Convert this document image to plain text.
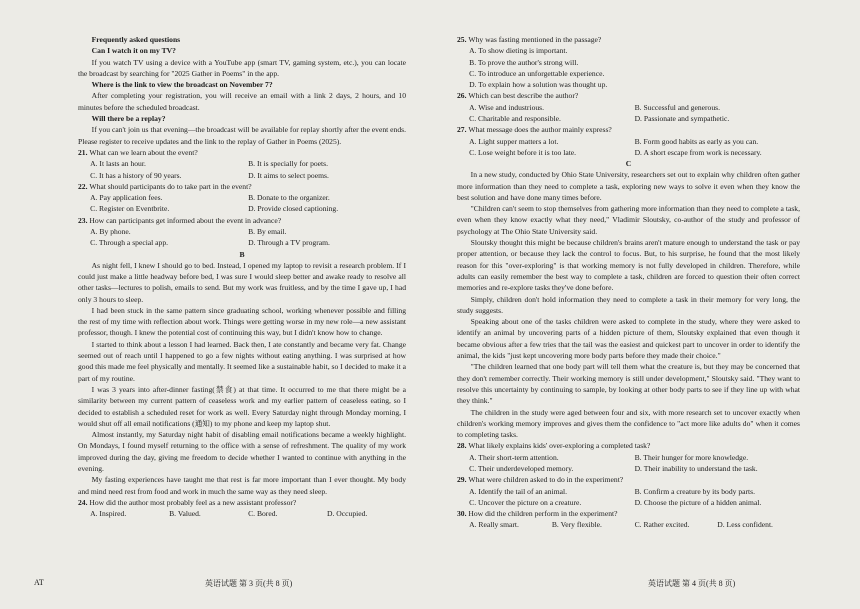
Frequently asked questions

Can I watch it on my TV?

If you watch TV using a device with a YouTube app (smart TV, gaming system, etc.), you can locate the broadcast by searching for "2025 Gather in Poems" in the app.

Where is the link to view the broadcast on November 7?

After completing your registration, you will receive an email with a link 2 days, 2 hours, and 10 minutes before the scheduled broadcast.

Will there be a replay?

If you can't join us that evening—the broadcast will be available for replay shortly after the event ends. Please register to receive updates and the link to the replay of Gather in Poems (2025).

21. What can we learn about the event?
A. It lasts an hour.	B. It is specially for poets.
C. It has a history of 90 years.	D. It aims to select poems.
22. What should participants do to take part in the event?
A. Pay application fees.	B. Donate to the organizer.
C. Register on Eventbrite.	D. Provide closed captioning.
23. How can participants get informed about the event in advance?
A. By phone.	B. By email.
C. Through a special app.	D. Through a TV program.
B

As night fell, I knew I should go to bed. Instead, I opened my laptop to revisit a research problem. If I could just make a little headway before bed, I was sure I would sleep better and awake ready to resolve all other tasks—lectures to polish, emails to send. But my work was fruitless, and by the time I gave up, I had only 3 hours to sleep.

I had been stuck in the same pattern since graduating school, working whenever possible and filling the rest of my time with reflection about work. Things were getting worse in my new role—a new assistant professor, though. I knew the potential cost of continuing this way, but I didn't know how to change.

I started to think about a lesson I had learned. Back then, I ate constantly and became very fat. Change seemed out of reach until I happened to go a few nights without eating anything. I was surprised at how good this made me feel physically and mentally. It seemed like a sustainable habit, so I decided to make it a part of my routine.

I was 3 years into after-dinner fasting(禁食) at that time. It occurred to me that there might be a similarity between my current pattern of ceaseless work and my earlier pattern of ceaseless eating, so I decided to establish a scheduled reset for work as well. Every Saturday night through Monday morning, I would shut off all email notifications (通知) to my phone and keep my laptop shut.

Almost instantly, my Saturday night habit of disabling email notifications became a weekly highlight. On Mondays, I found myself returning to the office with a sense of refreshment. The quality of my work improved during the day, giving me freedom to decide whether I wanted to continue with anything in the evening.

My fasting experiences have taught me that rest is far more important than I ever thought. My body and mind need rest from food and work in much the same way as they need sleep.

24. How did the author most probably feel as a new assistant professor?
A. Inspired.	B. Valued.	C. Bored.	D. Occupied.
AT	英语试题 第 3 页(共 8 页)
25. Why was fasting mentioned in the passage?
A. To show dieting is important.
B. To prove the author's strong will.
C. To introduce an unforgettable experience.
D. To explain how a solution was thought up.
26. Which can best describe the author?
A. Wise and industrious.	B. Successful and generous.
C. Charitable and responsible.	D. Passionate and sympathetic.
27. What message does the author mainly express?
A. Light supper matters a lot.	B. Form good habits as early as you can.
C. Lose weight before it is too late.	D. A short escape from work is necessary.
C

In a new study, conducted by Ohio State University, researchers set out to explain why children often gather more information than they need to complete a task, exploring new ways to solve it even when they know the best solution and have done many times before.

"Children can't seem to stop themselves from gathering more information than they need to complete a task, even when they know exactly what they need," Vladimir Sloutsky, co-author of the study and professor of psychology at The Ohio State University said.

Sloutsky thought this might be because children's brains aren't mature enough to understand the task or pay proper attention, or because they lack the control to focus. But, to his surprise, he found that the most likely reason for this "over-exploring" is that working memory is not fully developed in children. Therefore, while adults can easily remember the best way to complete a task, children are forced to question their often correct memories and re-explore tasks they've done before.

Simply, children don't hold information they need to complete a task in their memory for very long, the study suggests.

Speaking about one of the tasks children were asked to complete in the study, where they were asked to identify an animal by uncovering parts of a hidden picture of them, Sloutsky explained that even though it became obvious after a few tries that the tail was the easiest and quickest part to uncover in order to identify the animal, the kids "just kept uncovering more body parts before they made their choice."

"The children learned that one body part will tell them what the creature is, but they may be concerned that they don't remember correctly. Their working memory is still under development," Sloutsky said. "They want to resolve this uncertainty by continuing to sample, by looking at other body parts to see if they line up with what they think."

The children in the study were aged between four and six, with more research set to uncover exactly when children's working memory improves and gives them the confidence to "act more like adults do" when it comes to completing tasks.

28. What likely explains kids' over-exploring a completed task?
A. Their short-term attention.	B. Their hunger for more knowledge.
C. Their underdeveloped memory.	D. Their inability to understand the task.
29. What were children asked to do in the experiment?
A. Identify the tail of an animal.	B. Confirm a creature by its body parts.
C. Uncover the picture on a creature.	D. Choose the picture of a hidden animal.
30. How did the children perform in the experiment?
A. Really smart.	B. Very flexible.	C. Rather excited.	D. Less confident.
英语试题 第 4 页(共 8 页)
